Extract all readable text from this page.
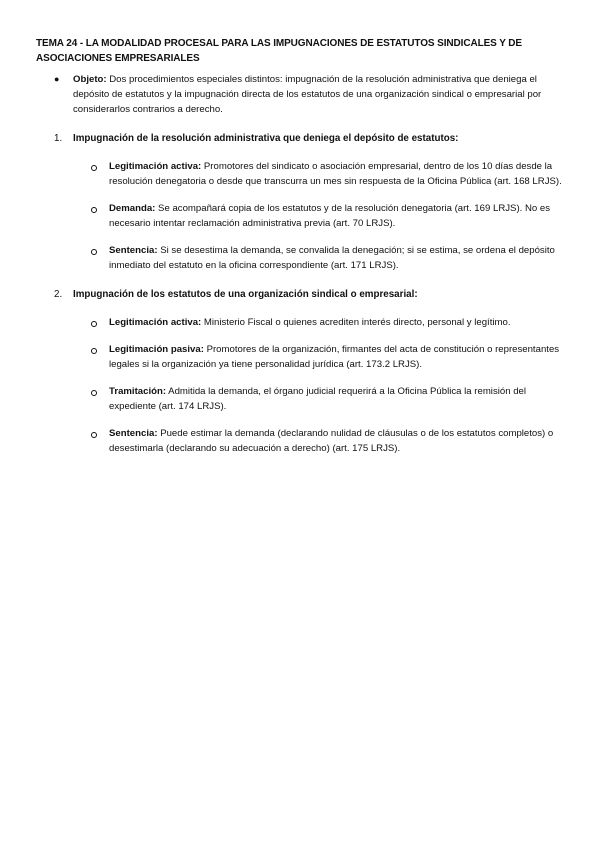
TEMA 24 - LA MODALIDAD PROCESAL PARA LAS IMPUGNACIONES DE ESTATUTOS SINDICALES Y DE ASOCIACIONES EMPRESARIALES
● Objeto: Dos procedimientos especiales distintos: impugnación de la resolución administrativa que deniega el depósito de estatutos y la impugnación directa de los estatutos de una organización sindical o empresarial por considerarlos contrarios a derecho.
1. Impugnación de la resolución administrativa que deniega el depósito de estatutos:
Legitimación activa: Promotores del sindicato o asociación empresarial, dentro de los 10 días desde la resolución denegatoria o desde que transcurra un mes sin respuesta de la Oficina Pública (art. 168 LRJS).
Demanda: Se acompañará copia de los estatutos y de la resolución denegatoria (art. 169 LRJS). No es necesario intentar reclamación administrativa previa (art. 70 LRJS).
Sentencia: Si se desestima la demanda, se convalida la denegación; si se estima, se ordena el depósito inmediato del estatuto en la oficina correspondiente (art. 171 LRJS).
2. Impugnación de los estatutos de una organización sindical o empresarial:
Legitimación activa: Ministerio Fiscal o quienes acrediten interés directo, personal y legítimo.
Legitimación pasiva: Promotores de la organización, firmantes del acta de constitución o representantes legales si la organización ya tiene personalidad jurídica (art. 173.2 LRJS).
Tramitación: Admitida la demanda, el órgano judicial requerirá a la Oficina Pública la remisión del expediente (art. 174 LRJS).
Sentencia: Puede estimar la demanda (declarando nulidad de cláusulas o de los estatutos completos) o desestimarla (declarando su adecuación a derecho) (art. 175 LRJS).
